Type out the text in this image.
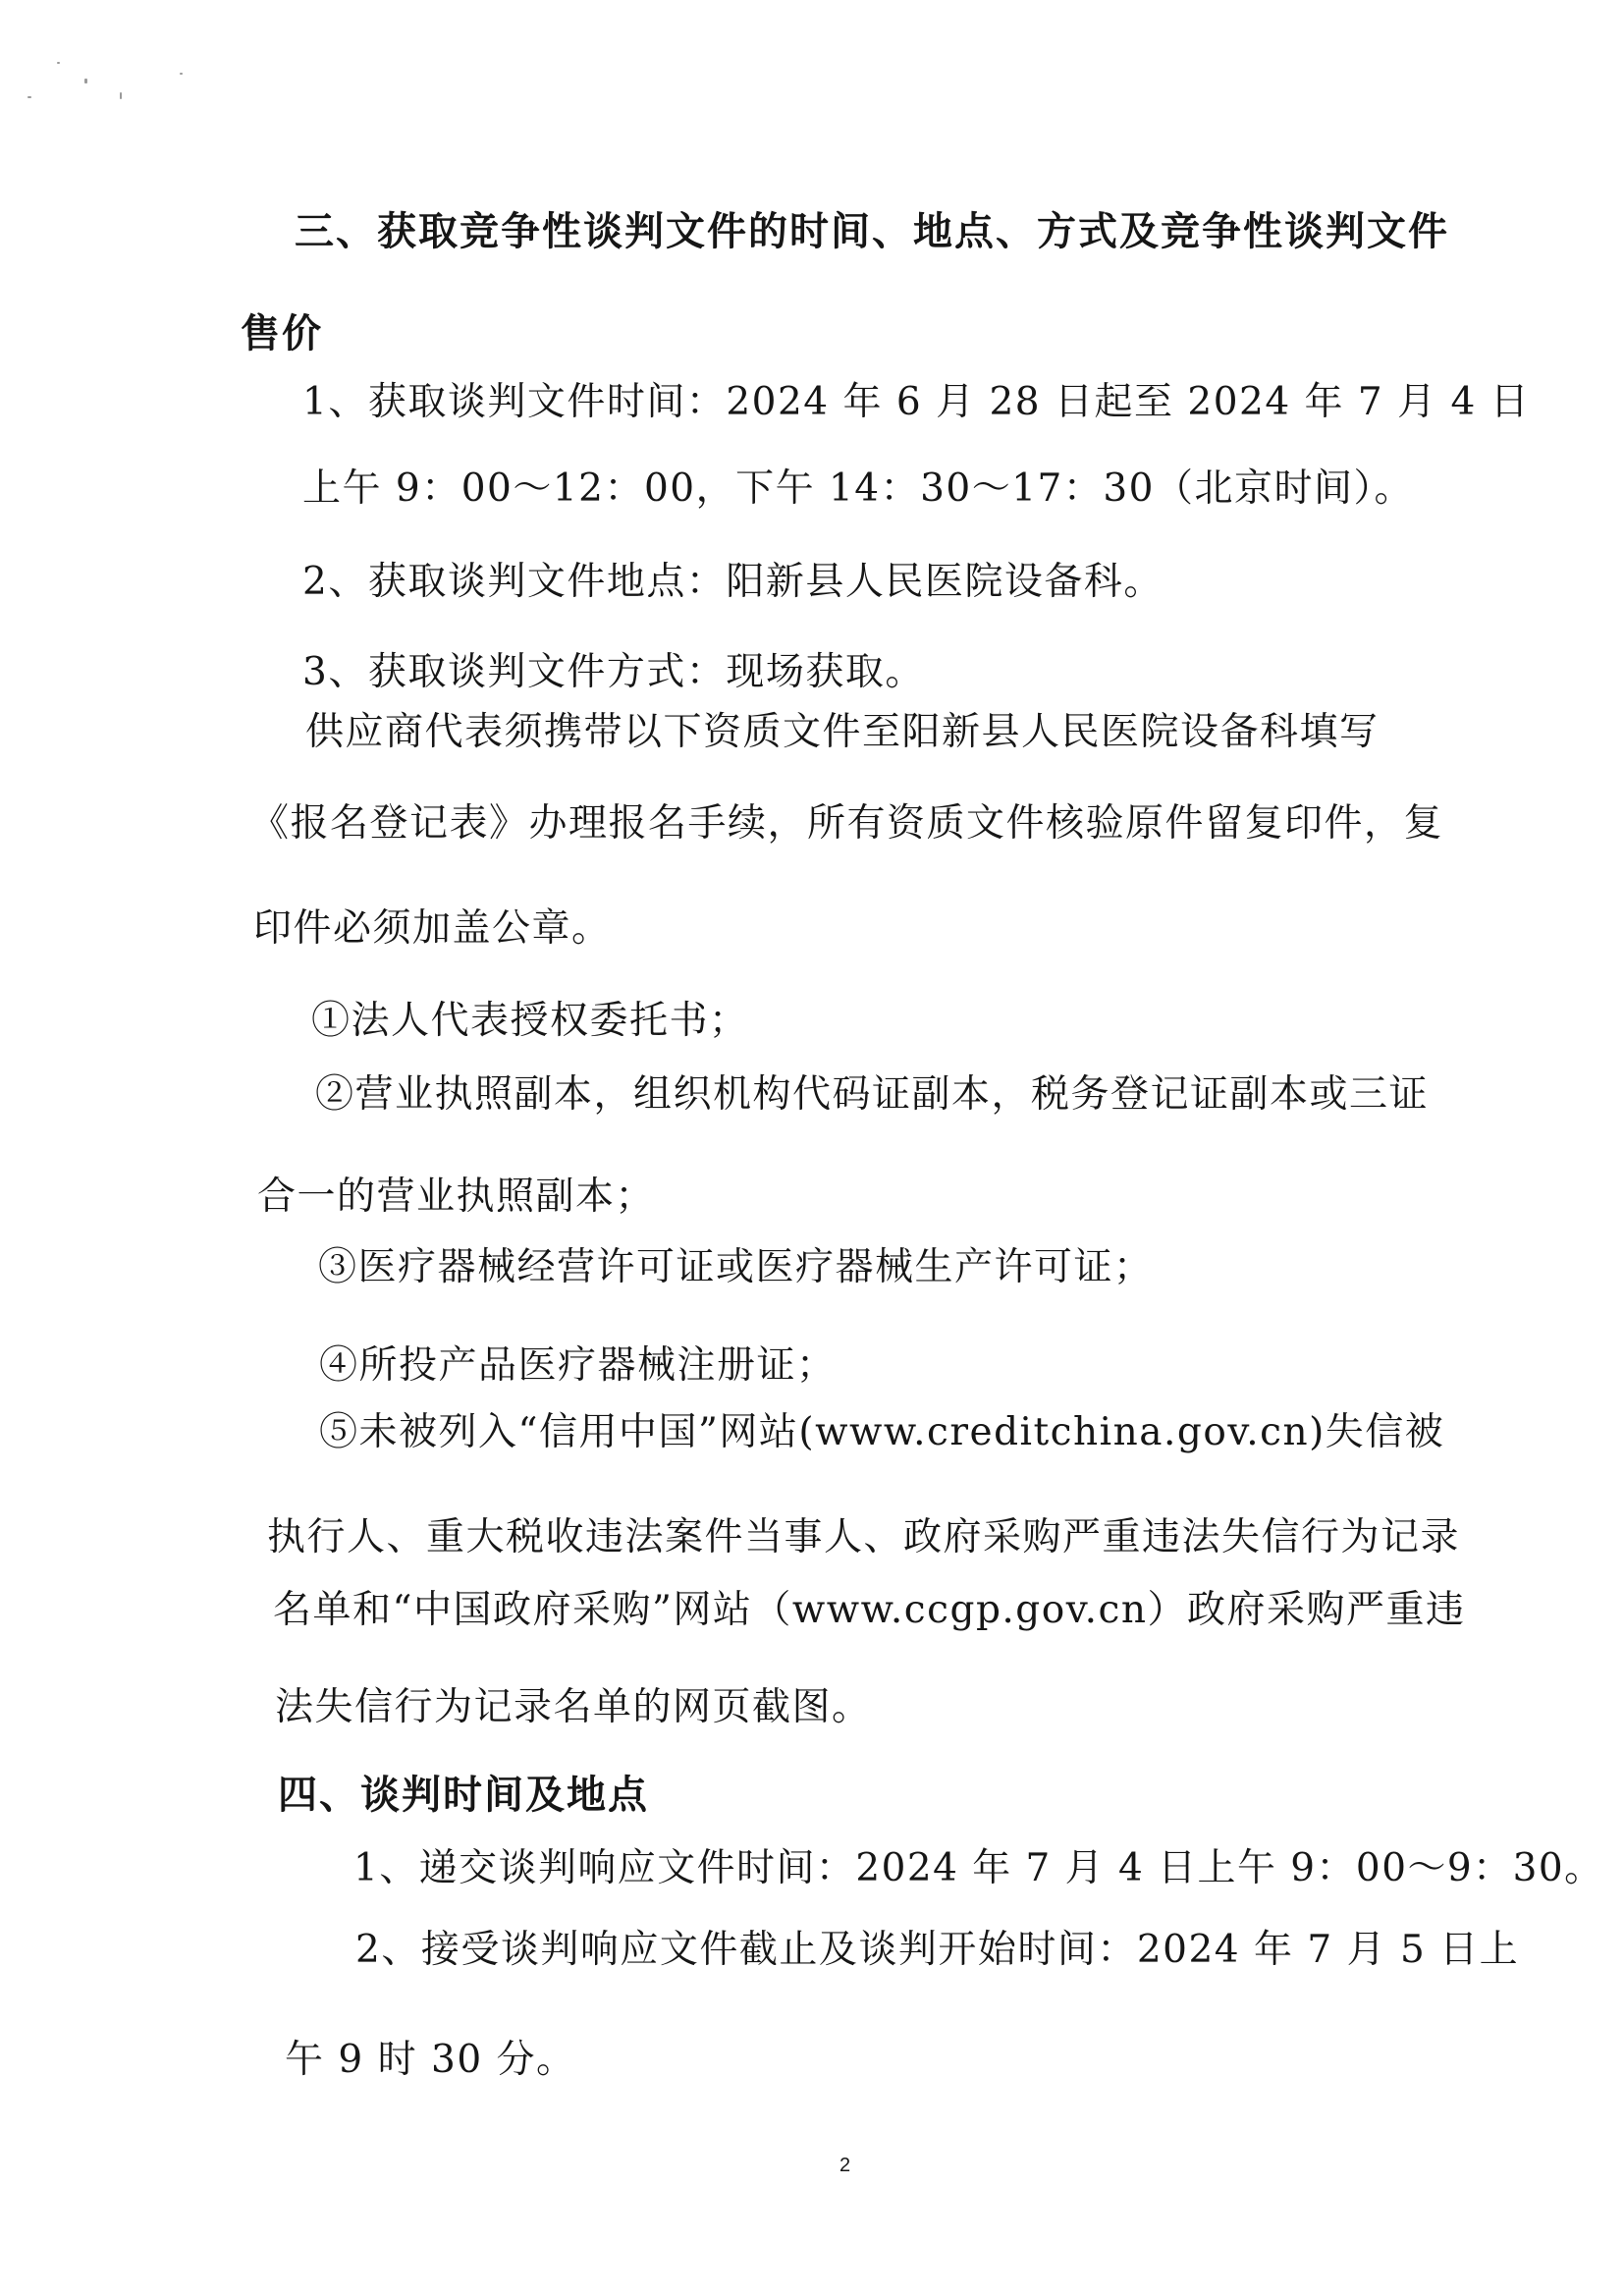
三、获取竞争性谈判文件的时间、地点、方式及竞争性谈判文件
售价
1、获取谈判文件时间：2024 年 6 月 28 日起至 2024 年 7 月 4 日
上午 9：00～12：00，下午 14：30～17：30（北京时间）。
2、获取谈判文件地点：阳新县人民医院设备科。
3、获取谈判文件方式：现场获取。
供应商代表须携带以下资质文件至阳新县人民医院设备科填写
《报名登记表》办理报名手续，所有资质文件核验原件留复印件，复
印件必须加盖公章。
①法人代表授权委托书；
②营业执照副本，组织机构代码证副本，税务登记证副本或三证
合一的营业执照副本；
③医疗器械经营许可证或医疗器械生产许可证；
④所投产品医疗器械注册证；
⑤未被列入“信用中国”网站(www.creditchina.gov.cn)失信被
执行人、重大税收违法案件当事人、政府采购严重违法失信行为记录
名单和“中国政府采购”网站（www.ccgp.gov.cn）政府采购严重违
法失信行为记录名单的网页截图。
四、谈判时间及地点
1、递交谈判响应文件时间：2024 年 7 月 4 日上午 9：00～9：30。
2、接受谈判响应文件截止及谈判开始时间：2024 年 7 月 5 日上
午 9 时 30 分。
2
